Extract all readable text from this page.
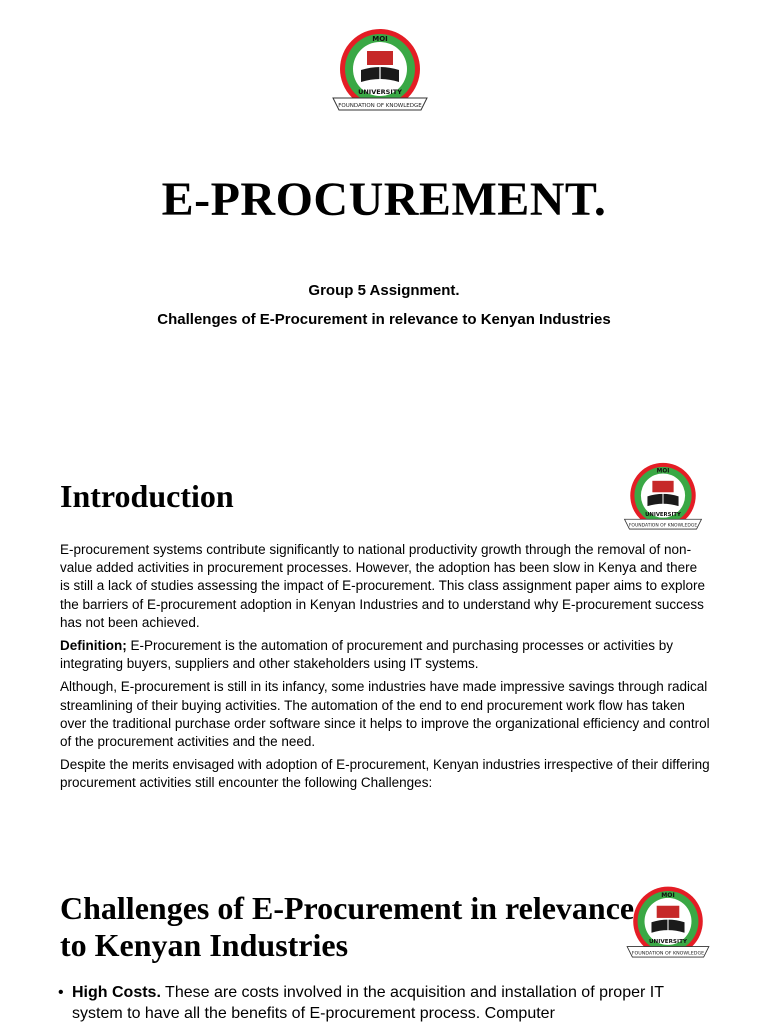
FOUNDATION OF KNOWLEDGE
MOI
UNIVERSITY
E-PROCUREMENT.

Group 5 Assignment.

Challenges of E-Procurement in relevance to Kenyan Industries

Introduction
FOUNDATION OF KNOWLEDGE
MOI
UNIVERSITY

E-procurement systems contribute significantly to national productivity growth through the removal of non-value added activities in procurement processes. However, the adoption has been slow in Kenya and there is still a lack of studies assessing the impact of E-procurement. This class assignment paper aims to explore the barriers of E-procurement adoption in Kenyan Industries and to understand why E-procurement success has not been achieved.

Definition; E-Procurement is the automation of procurement and purchasing processes or activities by integrating buyers, suppliers and other stakeholders using IT systems.

Although, E-procurement is still in its infancy, some industries have made impressive savings through radical streamlining of their buying activities. The automation of the end to end procurement work flow has taken over the traditional purchase order software since it helps to improve the organizational efficiency and control of the procurement activities and the need.

Despite the merits envisaged with adoption of E-procurement, Kenyan industries irrespective of their differing procurement activities still encounter the following Challenges:

Challenges of E-Procurement in relevance
to Kenyan Industries	FOUNDATION OF KNOWLEDGE
MOI
UNIVERSITY
• High Costs. These are costs involved in the acquisition and installation of proper IT system to have all the benefits of E-procurement process. Computer
